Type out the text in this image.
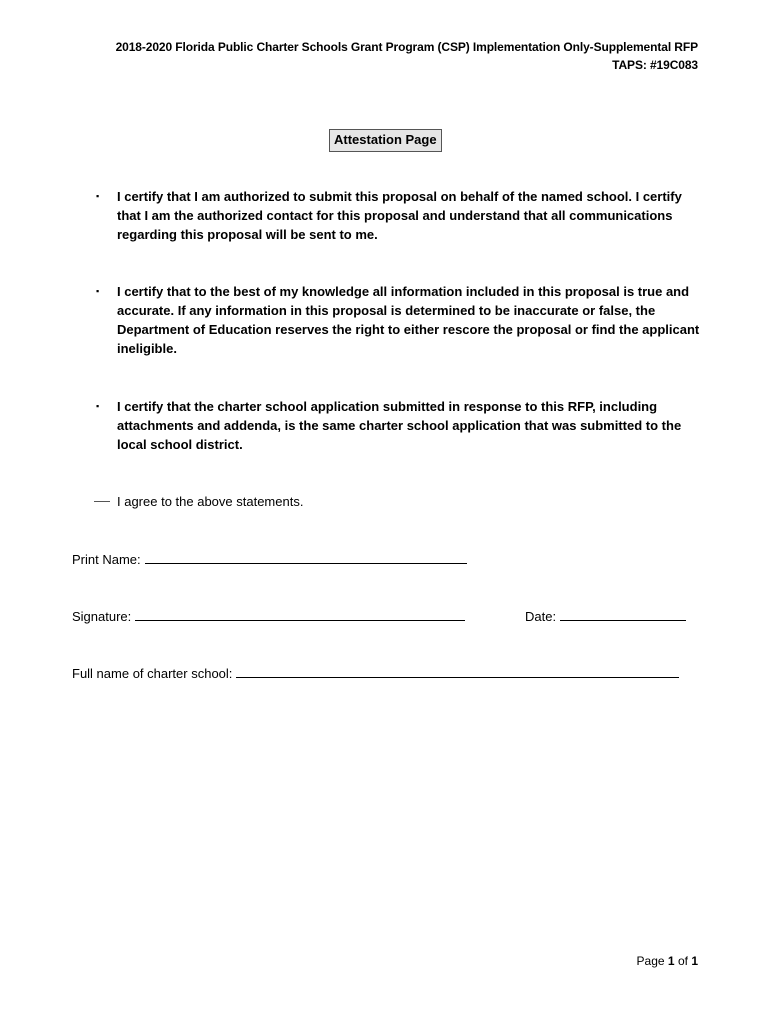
2018-2020 Florida Public Charter Schools Grant Program (CSP) Implementation Only-Supplemental RFP
TAPS: #19C083
Attestation Page
▪ I certify that I am authorized to submit this proposal on behalf of the named school. I certify that I am the authorized contact for this proposal and understand that all communications regarding this proposal will be sent to me.
▪ I certify that to the best of my knowledge all information included in this proposal is true and accurate. If any information in this proposal is determined to be inaccurate or false, the Department of Education reserves the right to either rescore the proposal or find the applicant ineligible.
▪ I certify that the charter school application submitted in response to this RFP, including attachments and addenda, is the same charter school application that was submitted to the local school district.
I agree to the above statements.
Print Name:
Signature:	Date:
Full name of charter school:
Page 1 of 1
